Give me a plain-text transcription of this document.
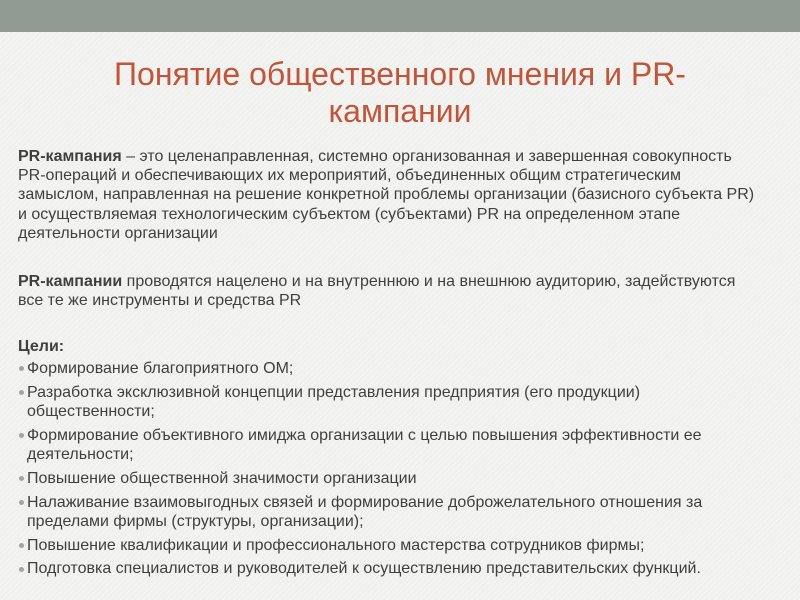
Понятие общественного мнения и PR-
кампании
PR-кампания – это целенаправленная, системно организованная и завершенная совокупность
PR-операций и обеспечивающих их мероприятий, объединенных общим стратегическим
замыслом, направленная на решение конкретной проблемы организации (базисного субъекта PR)
и осуществляемая технологическим субъектом (субъектами) PR на определенном этапе
деятельности организации
PR-кампании проводятся нацелено и на внутреннюю и на внешнюю аудиторию, задействуются
все те же инструменты и средства PR
Цели:
Формирование благоприятного ОМ;
Разработка эксклюзивной концепции представления предприятия (его продукции)
общественности;
Формирование объективного имиджа организации с целью повышения эффективности ее
деятельности;
Повышение общественной значимости организации
Налаживание взаимовыгодных связей и формирование доброжелательного отношения за
пределами фирмы (структуры, организации);
Повышение квалификации и профессионального мастерства сотрудников фирмы;
Подготовка специалистов и руководителей к осуществлению представительских функций.
